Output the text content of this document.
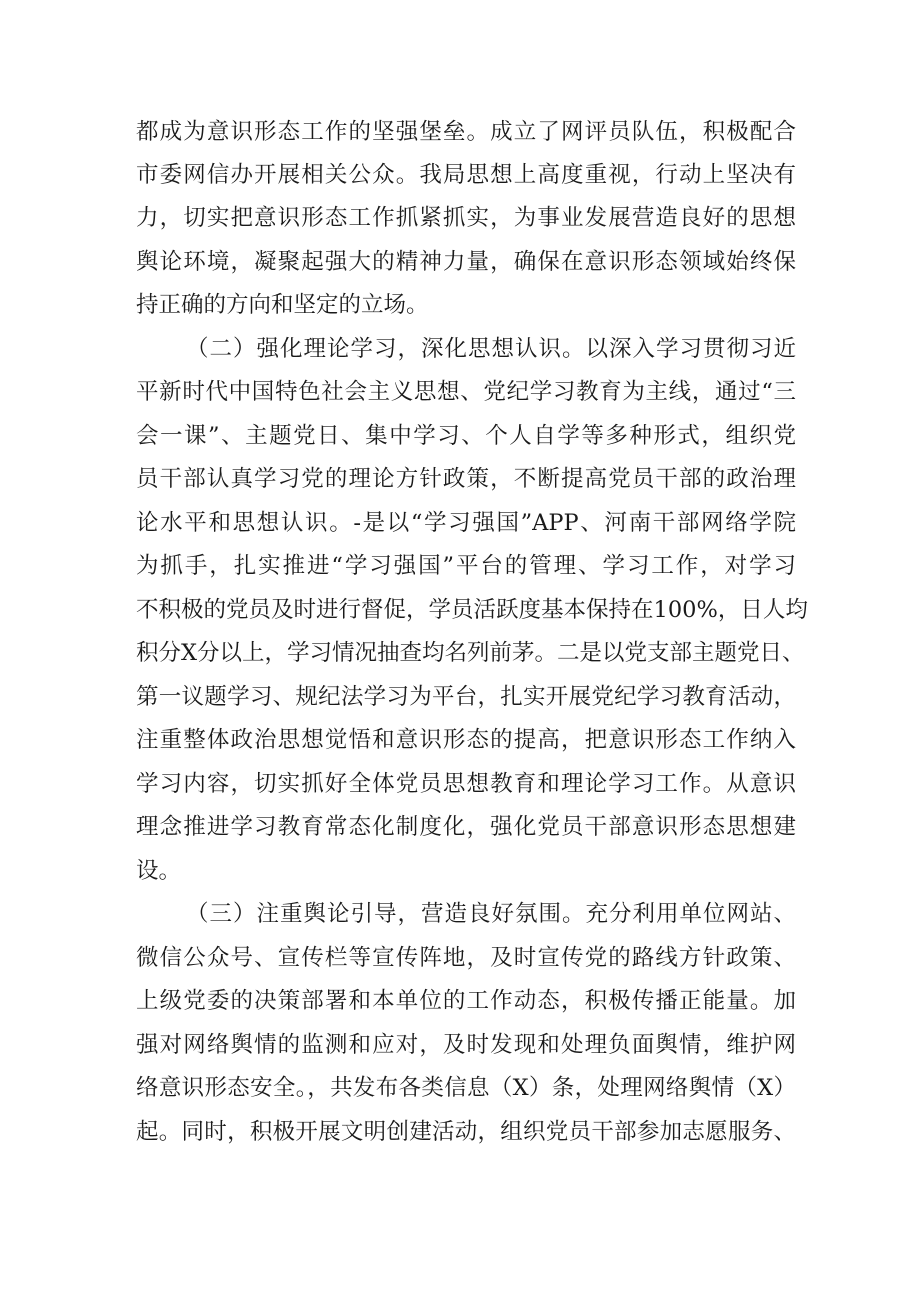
都成为意识形态工作的坚强堡垒。成立了网评员队伍，积极配合
市委网信办开展相关公众。我局思想上高度重视，行动上坚决有
力，切实把意识形态工作抓紧抓实，为事业发展营造良好的思想
舆论环境，凝聚起强大的精神力量，确保在意识形态领域始终保
持正确的方向和坚定的立场。
（二）强化理论学习，深化思想认识。以深入学习贯彻习近
平新时代中国特色社会主义思想、党纪学习教育为主线，通过“三
会一课”、主题党日、集中学习、个人自学等多种形式，组织党
员干部认真学习党的理论方针政策，不断提高党员干部的政治理
论水平和思想认识。-是以“学习强国”APP、河南干部网络学院
为抓手，扎实推进“学习强国”平台的管理、学习工作，对学习
不积极的党员及时进行督促，学员活跃度基本保持在100%，日人均
积分X分以上，学习情况抽查均名列前茅。二是以党支部主题党日、
第一议题学习、规纪法学习为平台，扎实开展党纪学习教育活动，
注重整体政治思想觉悟和意识形态的提高，把意识形态工作纳入
学习内容，切实抓好全体党员思想教育和理论学习工作。从意识
理念推进学习教育常态化制度化，强化党员干部意识形态思想建
设。
（三）注重舆论引导，营造良好氛围。充分利用单位网站、
微信公众号、宣传栏等宣传阵地，及时宣传党的路线方针政策、
上级党委的决策部署和本单位的工作动态，积极传播正能量。加
强对网络舆情的监测和应对，及时发现和处理负面舆情，维护网
络意识形态安全。，共发布各类信息（X）条，处理网络舆情（X）
起。同时，积极开展文明创建活动，组织党员干部参加志愿服务、
